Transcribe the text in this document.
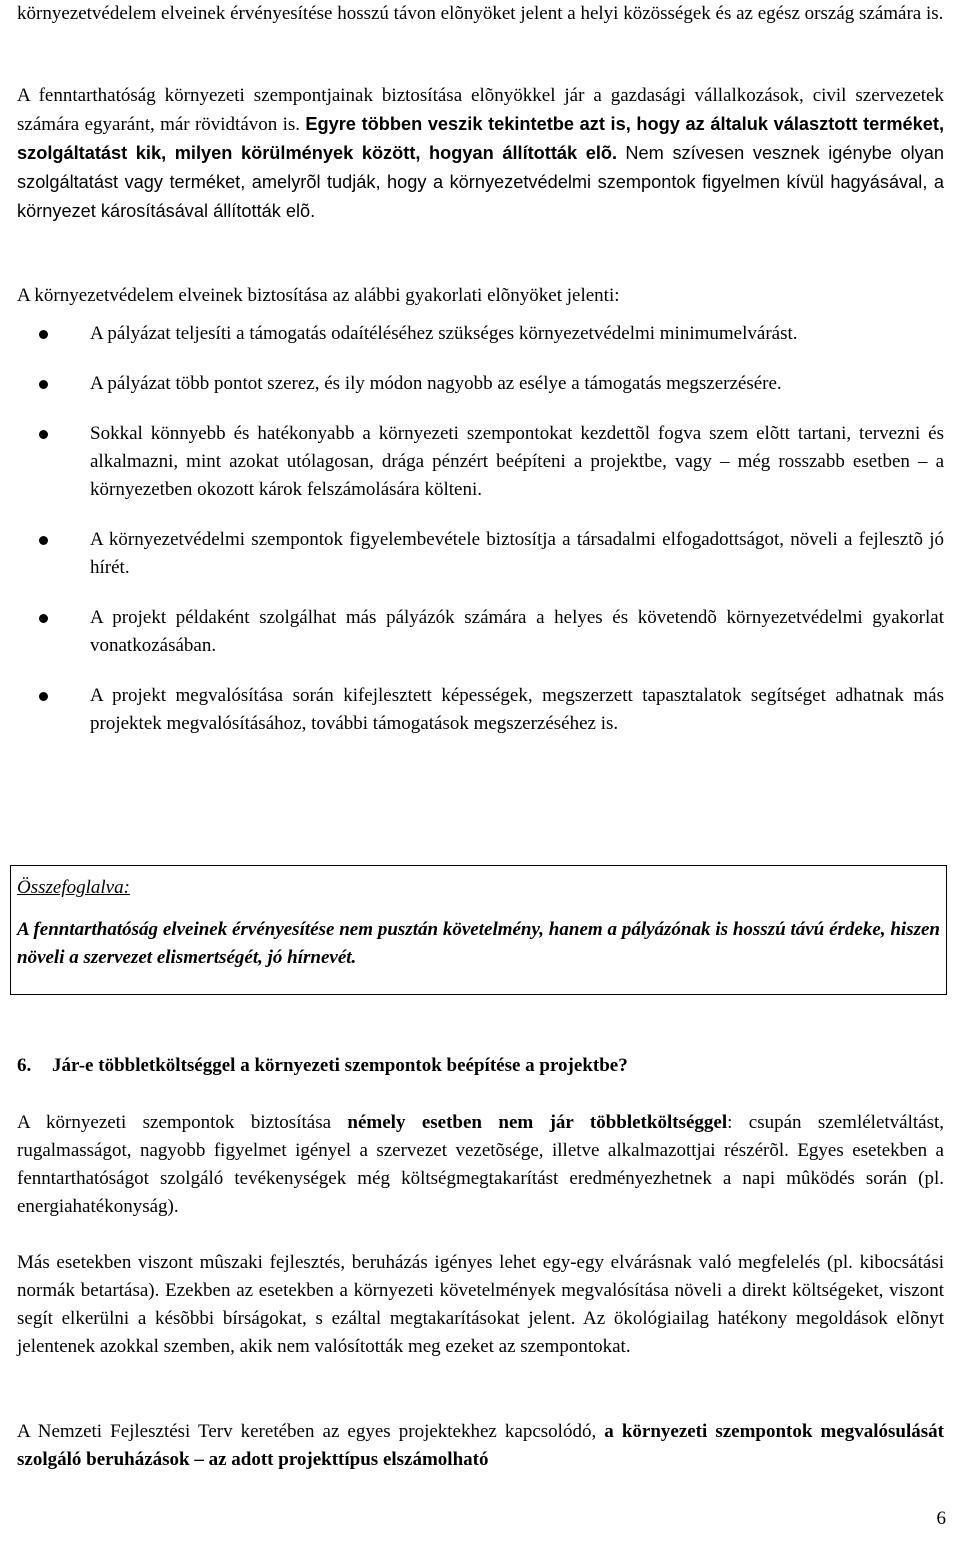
környezetvédelem elveinek érvényesítése hosszú távon elõnyöket jelent a helyi közösségek és az egész ország számára is.

A fenntarthatóság környezeti szempontjainak biztosítása elõnyökkel jár a gazdasági vállalkozások, civil szervezetek számára egyaránt, már rövidtávon is. Egyre többen veszik tekintetbe azt is, hogy az általuk választott terméket, szolgáltatást kik, milyen körülmények között, hogyan állították elõ. Nem szívesen vesznek igénybe olyan szolgáltatást vagy terméket, amelyrõl tudják, hogy a környezetvédelmi szempontok figyelmen kívül hagyásával, a környezet károsításával állították elõ.

A környezetvédelem elveinek biztosítása az alábbi gyakorlati elõnyöket jelenti:

A pályázat teljesíti a támogatás odaítéléséhez szükséges környezetvédelmi minimumelvárást.
A pályázat több pontot szerez, és ily módon nagyobb az esélye a támogatás megszerzésére.
Sokkal könnyebb és hatékonyabb a környezeti szempontokat kezdettõl fogva szem elõtt tartani, tervezni és alkalmazni, mint azokat utólagosan, drága pénzért beépíteni a projektbe, vagy – még rosszabb esetben – a környezetben okozott károk felszámolására költeni.
A környezetvédelmi szempontok figyelembevétele biztosítja a társadalmi elfogadottságot, növeli a fejlesztõ jó hírét.
A projekt példaként szolgálhat más pályázók számára a helyes és követendõ környezetvédelmi gyakorlat vonatkozásában.
A projekt megvalósítása során kifejlesztett képességek, megszerzett tapasztalatok segítséget adhatnak más projektek megvalósításához, további támogatások megszerzéséhez is.
Összefoglalva:
A fenntarthatóság elveinek érvényesítése nem pusztán követelmény, hanem a pályázónak is hosszú távú érdeke, hiszen növeli a szervezet elismertségét, jó hírnevét.
6. Jár-e többletköltséggel a környezeti szempontok beépítése a projektbe?

A környezeti szempontok biztosítása némely esetben nem jár többletköltséggel: csupán szemléletváltást, rugalmasságot, nagyobb figyelmet igényel a szervezet vezetõsége, illetve alkalmazottjai részérõl. Egyes esetekben a fenntarthatóságot szolgáló tevékenységek még költségmegtakarítást eredményezhetnek a napi mûködés során (pl. energiahatékonyság).

Más esetekben viszont mûszaki fejlesztés, beruházás igényes lehet egy-egy elvárásnak való megfelelés (pl. kibocsátási normák betartása). Ezekben az esetekben a környezeti követelmények megvalósítása növeli a direkt költségeket, viszont segít elkerülni a késõbbi bírságokat, s ezáltal megtakarításokat jelent. Az ökológiailag hatékony megoldások elõnyt jelentenek azokkal szemben, akik nem valósították meg ezeket az szempontokat.

A Nemzeti Fejlesztési Terv keretében az egyes projektekhez kapcsolódó, a környezeti szempontok megvalósulását szolgáló beruházások – az adott projekttípus elszámolható

6
